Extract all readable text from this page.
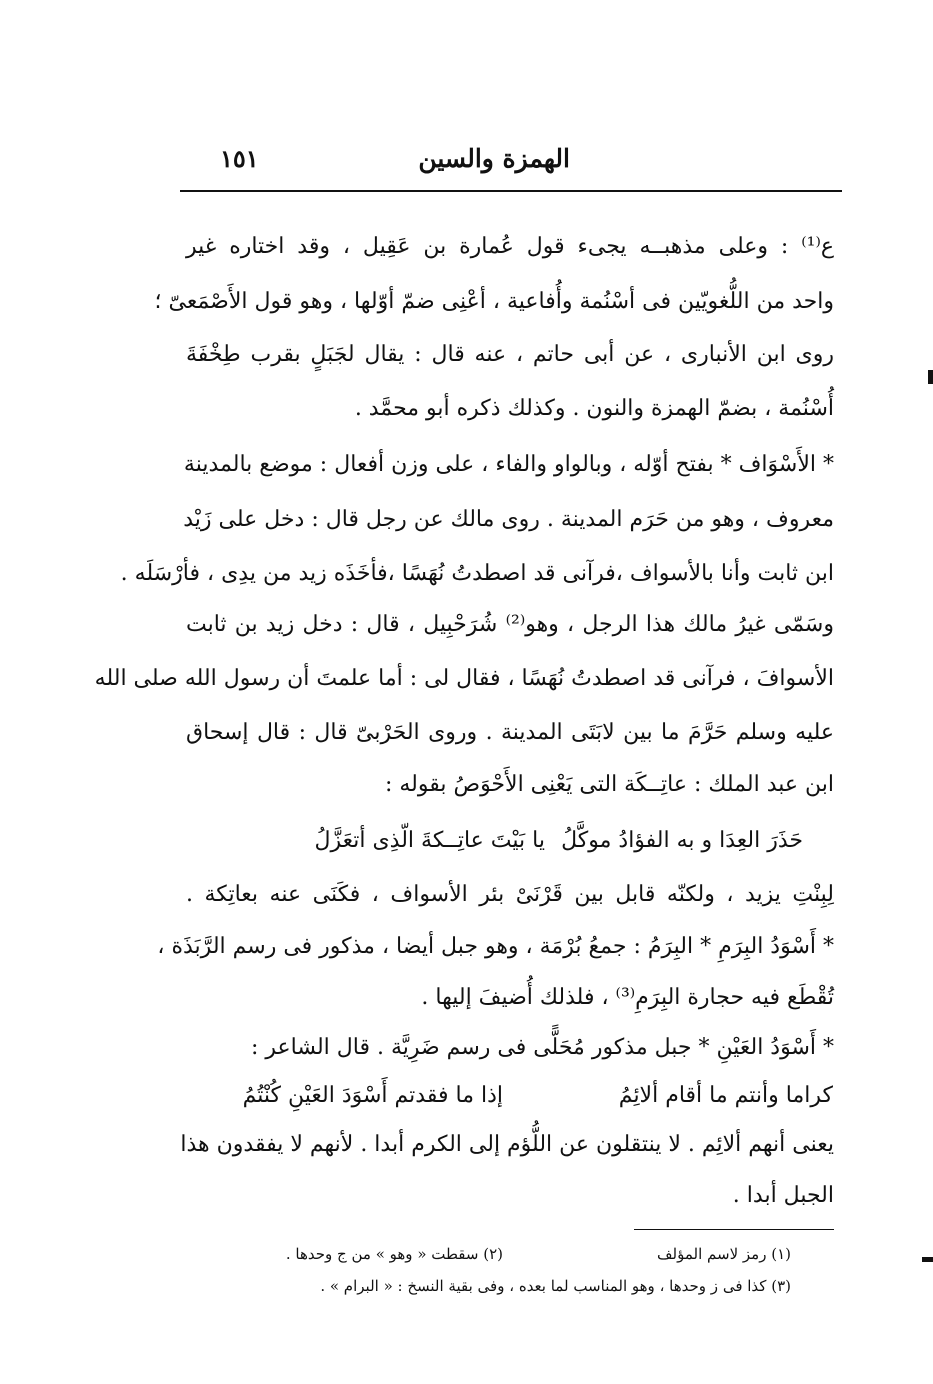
الهمزة والسين
١٥١
ع⁽¹⁾ : وعلى مذهبــه يجىء قول عُمارة بن عَقِيل ، وقد اختاره غير
واحد من اللُّغويّين فى أسْنُمة وأُفاعية ، أعْنِى ضمّ أوّلها ، وهو قول الأَصْمَعىّ ؛
روى ابن الأنبارى ، عن أبى حاتم ، عنه قال : يقال لجَبَلٍ بقرب طِخْفَةَ
أُسْنُمة ، بضمّ الهمزة والنون . وكذلك ذكره أبو محمَّد .
* الأَسْوَاف * بفتح أوّله ، وبالواو والفاء ، على وزن أفعال : موضع بالمدينة
معروف ، وهو من حَرَم المدينة . روى مالك عن رجل قال : دخل على زَيْد
ابن ثابت وأنا بالأسواف ،فرآنى قد اصطدتُ نُهَسًا ،فأخَذَه زيد من يدِى ، فأرْسَلَه .
وسَمّى غيرُ مالك هذا الرجل ، وهو⁽²⁾ شُرَحْبِيل ، قال : دخل زيد بن ثابت
الأسوافَ ، فرآنى قد اصطدتُ نُهَسًا ، فقال لى : أما علمتَ أن رسول الله صلى الله
عليه وسلم حَرَّمَ ما بين لابَتَى المدينة . وروى الحَرْبىّ قال : قال إسحاق
ابن عبد الملك : عاتِــكَة التى يَعْنِى الأَحْوَصُ بقوله :
يا بَيْتَ عاتِــكةَ الّذِى أتعَزَّلُ حَذَرَ العِدَا و به الفؤادُ موكَّلُ
لِبِنْتِ يزيد ، ولكنّه قابل بين قَرْنَىْ بئر الأسواف ، فكَنَى عنه بعاتِكة .
* أَسْوَدُ البِرَمِ * البِرَمُ : جمعُ بُرْمَة ، وهو جبل أيضا ، مذكور فى رسم الرَّبَذَة ،
تُقْطَع فيه حجارة البِرَمِ⁽³⁾ ، فلذلك أُضيفَ إليها .
* أَسْوَدُ العَيْنِ * جبل مذكور مُحَلًّى فى رسم ضَرِيَّة . قال الشاعر :
إذا ما فقدتم أَسْوَدَ العَيْنِ كُنْتُمُ	كراما وأنتم ما أقام ألائِمُ
يعنى أنهم ألائِم . لا ينتقلون عن اللُّؤم إلى الكرم أبدا . لأنهم لا يفقدون هذا
الجبل أبدا .
(١) رمز لاسم المؤلف
(٢) سقطت « وهو » من ج وحدها .
(٣) كذا فى ز وحدها ، وهو المناسب لما بعده ، وفى بقية النسخ : « البرام » .
